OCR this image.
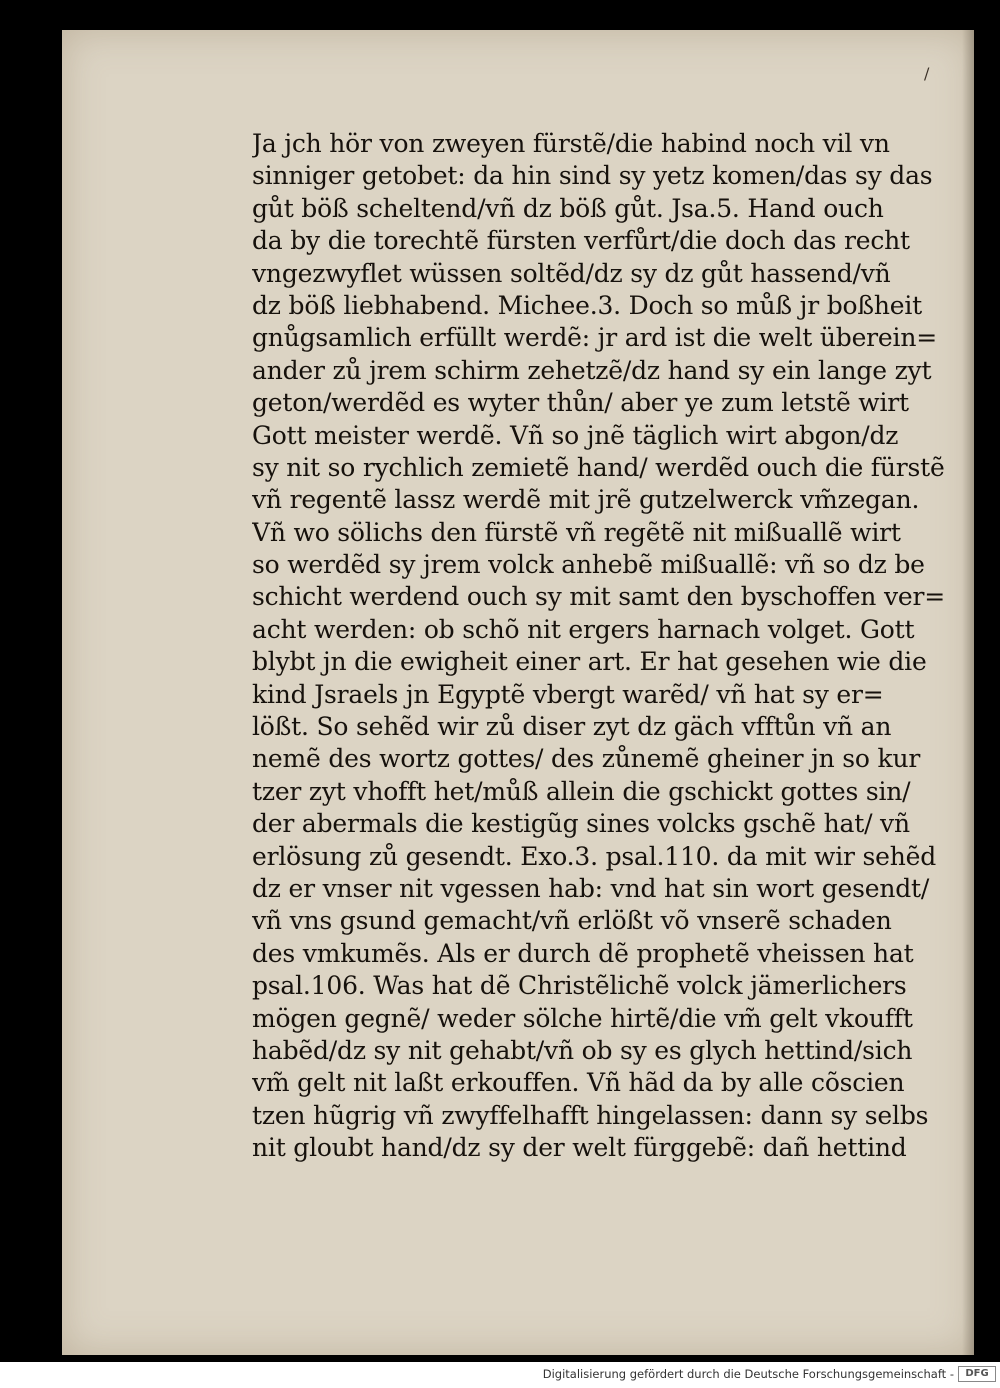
/
Ja jch hör von zweyen fürstẽ/die habind noch vil vn
sinniger getobet: da hin sind sy yetz komen/das sy das
gůt böß scheltend/vñ dz böß gůt. Jsa.5. Hand ouch
da by die torechtẽ fürsten verfůrt/die doch das recht
vngezwyflet wüssen soltẽd/dz sy dz gůt hassend/vñ
dz böß liebhabend. Michee.3. Doch so můß jr boßheit
gnůgsamlich erfüllt werdẽ: jr ard ist die welt überein=
ander zů jrem schirm zehetzẽ/dz hand sy ein lange zyt
geton/werdẽd es wyter thůn/ aber ye zum letstẽ wirt
Gott meister werdẽ. Vñ so jnẽ täglich wirt abgon/dz
sy nit so rychlich zemietẽ hand/ werdẽd ouch die fürstẽ
vñ regentẽ lassz werdẽ mit jrẽ gutzelwerck vm̃zegan.
Vñ wo sölichs den fürstẽ vñ regẽtẽ nit mißuallẽ wirt
so werdẽd sy jrem volck anhebẽ mißuallẽ: vñ so dz be
schicht werdend ouch sy mit samt den byschoffen ver=
acht werden: ob schõ nit ergers harnach volget. Gott
blybt jn die ewigheit einer art. Er hat gesehen wie die
kind Jsraels jn Egyptẽ vbergt warẽd/ vñ hat sy er=
lößt. So sehẽd wir zů diser zyt dz gäch vfftůn vñ an
nemẽ des wortz gottes/ des zůnemẽ gheiner jn so kur
tzer zyt vhofft het/můß allein die gschickt gottes sin/
der abermals die kestigũg sines volcks gschẽ hat/ vñ
erlösung zů gesendt. Exo.3. psal.110. da mit wir sehẽd
dz er vnser nit vgessen hab: vnd hat sin wort gesendt/
vñ vns gsund gemacht/vñ erlößt võ vnserẽ schaden
des vmkumẽs. Als er durch dẽ prophetẽ vheissen hat
psal.106. Was hat dẽ Christẽlichẽ volck jämerlichers
mögen gegnẽ/ weder sölche hirtẽ/die vm̃ gelt vkoufft
habẽd/dz sy nit gehabt/vñ ob sy es glych hettind/sich
vm̃ gelt nit laßt erkouffen. Vñ hãd da by alle cõscien
tzen hũgrig vñ zwyffelhafft hingelassen: dann sy selbs
nit gloubt hand/dz sy der welt fürggebẽ: dañ hettind
Digitalisierung gefördert durch die Deutsche Forschungsgemeinschaft -	DFG
